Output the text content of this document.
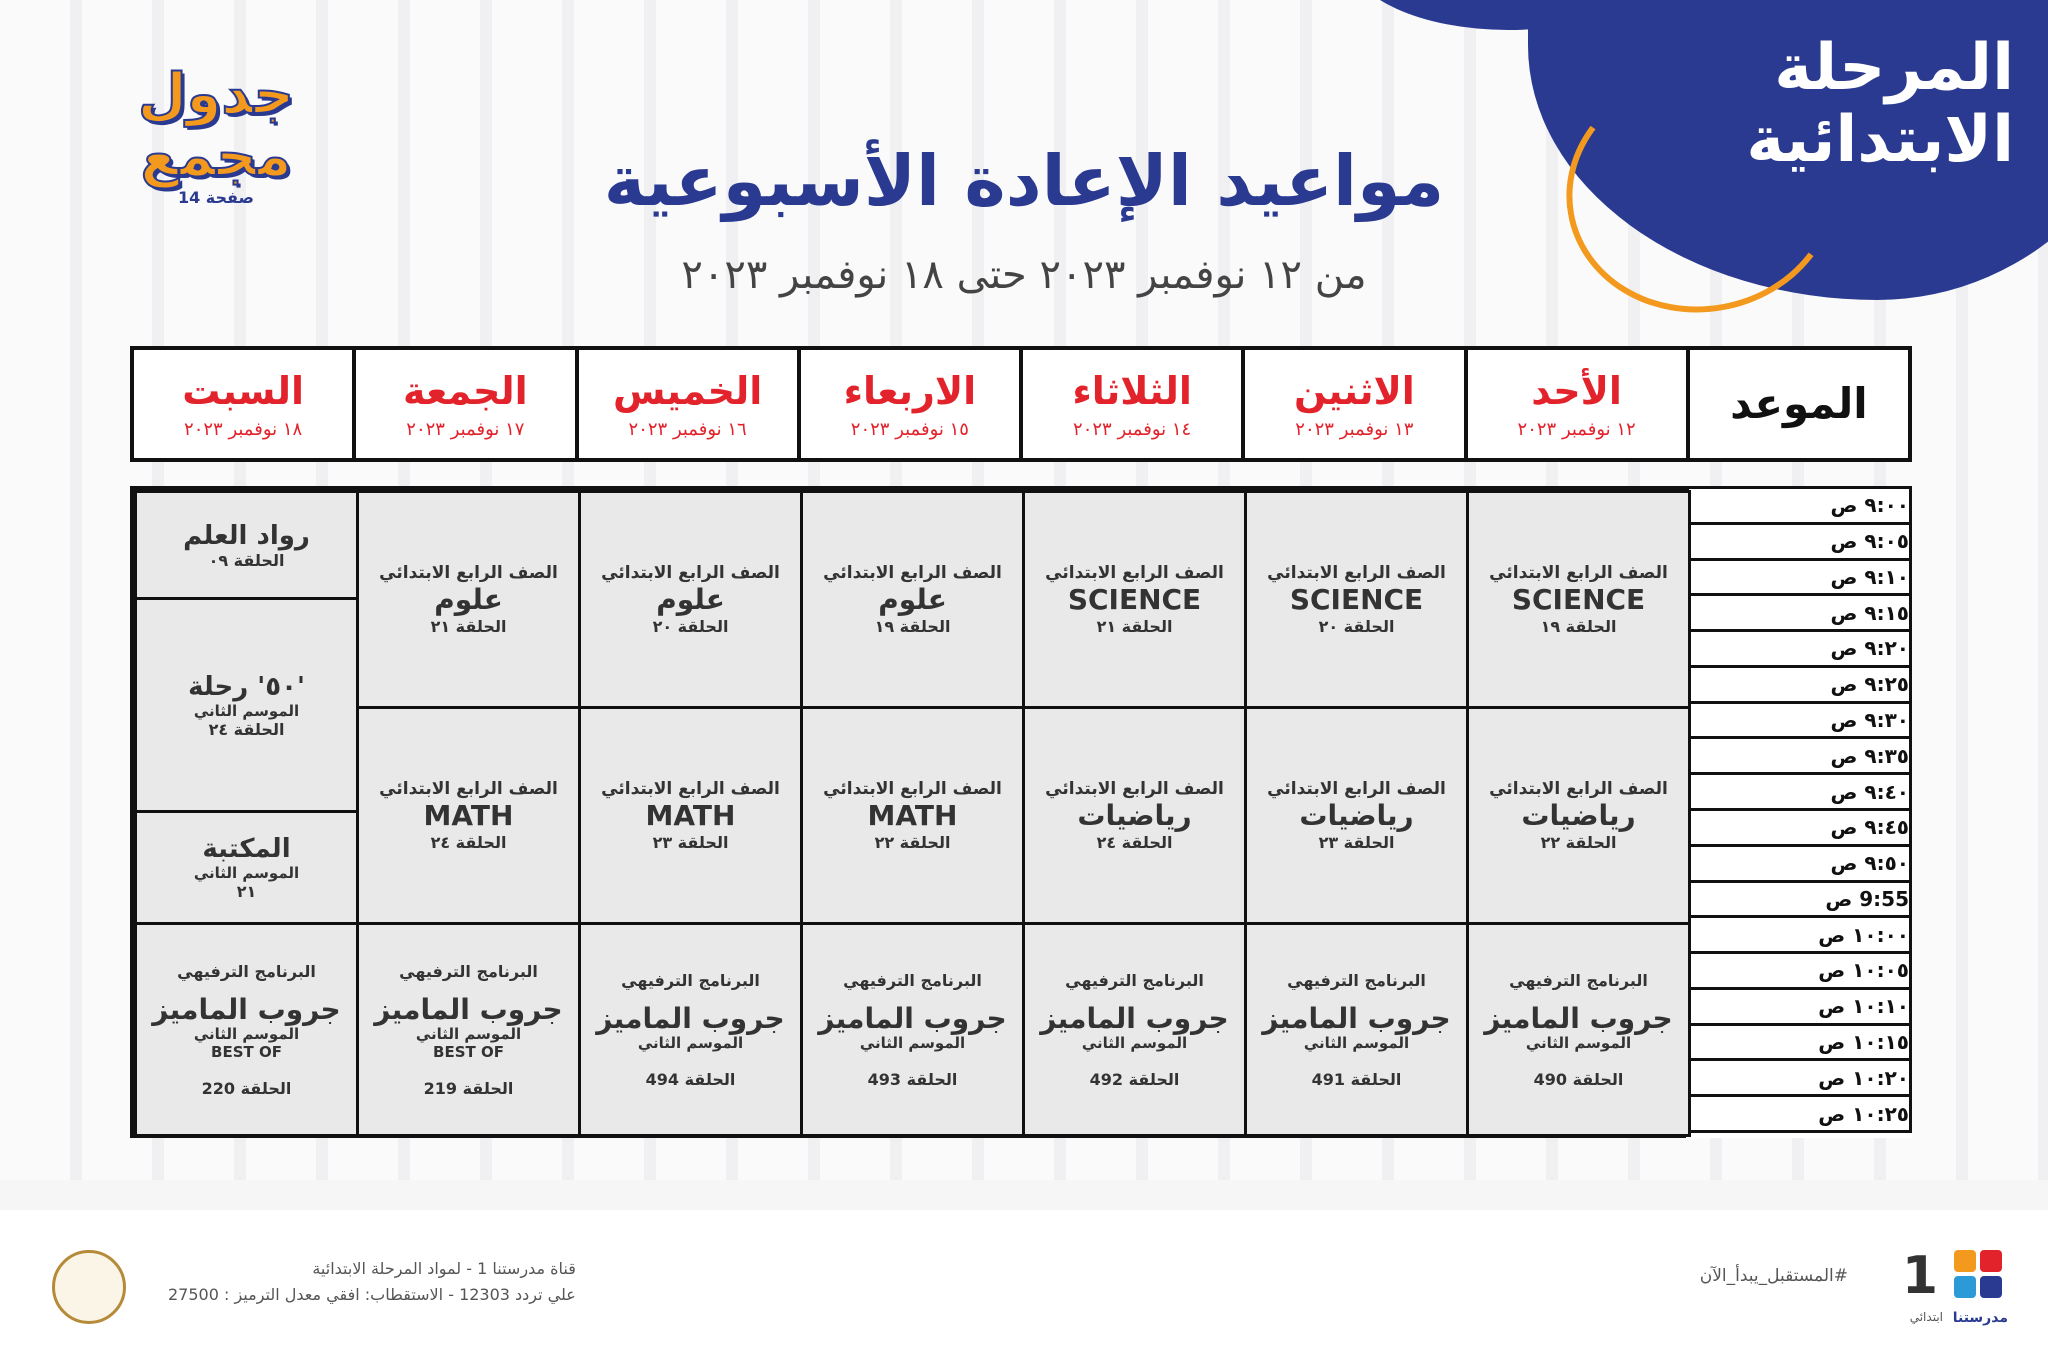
المرحلة
الابتدائية
جدول
مجمع
صفحة 14	مواعيد الإعادة الأسبوعية
من ١٢ نوفمبر ٢٠٢٣ حتى ١٨ نوفمبر ٢٠٢٣
السبت
١٨ نوفمبر ٢٠٢٣
الجمعة
١٧ نوفمبر ٢٠٢٣
الخميس
١٦ نوفمبر ٢٠٢٣
الاربعاء
١٥ نوفمبر ٢٠٢٣
الثلاثاء
١٤ نوفمبر ٢٠٢٣
الاثنين
١٣ نوفمبر ٢٠٢٣
الأحد
١٢ نوفمبر ٢٠٢٣
الموعد
٩:٠٠ ص
٩:٠٥ ص
٩:١٠ ص
٩:١٥ ص
٩:٢٠ ص
٩:٢٥ ص
٩:٣٠ ص
٩:٣٥ ص
٩:٤٠ ص
٩:٤٥ ص
٩:٥٠ ص
9:55 ص
١٠:٠٠ ص
١٠:٠٥ ص
١٠:١٠ ص
١٠:١٥ ص
١٠:٢٠ ص
١٠:٢٥ ص
الصف الرابع الابتدائي
SCIENCE
الحلقة ١٩
الصف الرابع الابتدائي
SCIENCE
الحلقة ٢٠
الصف الرابع الابتدائي
SCIENCE
الحلقة ٢١
الصف الرابع الابتدائي
علوم
الحلقة ١٩
الصف الرابع الابتدائي
علوم
الحلقة ٢٠
الصف الرابع الابتدائي
علوم
الحلقة ٢١
الصف الرابع الابتدائي
رياضيات
الحلقة ٢٢
الصف الرابع الابتدائي
رياضيات
الحلقة ٢٣
الصف الرابع الابتدائي
رياضيات
الحلقة ٢٤
الصف الرابع الابتدائي
MATH
الحلقة ٢٢
الصف الرابع الابتدائي
MATH
الحلقة ٢٣
الصف الرابع الابتدائي
MATH
الحلقة ٢٤
البرنامج الترفيهي
جروب الماميز
الموسم الثاني
الحلقة 490
البرنامج الترفيهي
جروب الماميز
الموسم الثاني
الحلقة 491
البرنامج الترفيهي
جروب الماميز
الموسم الثاني
الحلقة 492
البرنامج الترفيهي
جروب الماميز
الموسم الثاني
الحلقة 493
البرنامج الترفيهي
جروب الماميز
الموسم الثاني
الحلقة 494
البرنامج الترفيهي
جروب الماميز
الموسم الثاني
BEST OF
الحلقة 219
البرنامج الترفيهي
جروب الماميز
الموسم الثاني
BEST OF
الحلقة 220
رواد العلم
الحلقة ٠٩
'٥٠' رحلة
الموسم الثاني
الحلقة ٢٤
المكتبة
الموسم الثاني
٢١
مدرستنا
1
ابتدائي
#المستقبل_يبدأ_الآن
قناة مدرستنا 1 - لمواد المرحلة الابتدائية
علي تردد 12303 - الاستقطاب: افقي معدل الترميز : 27500
